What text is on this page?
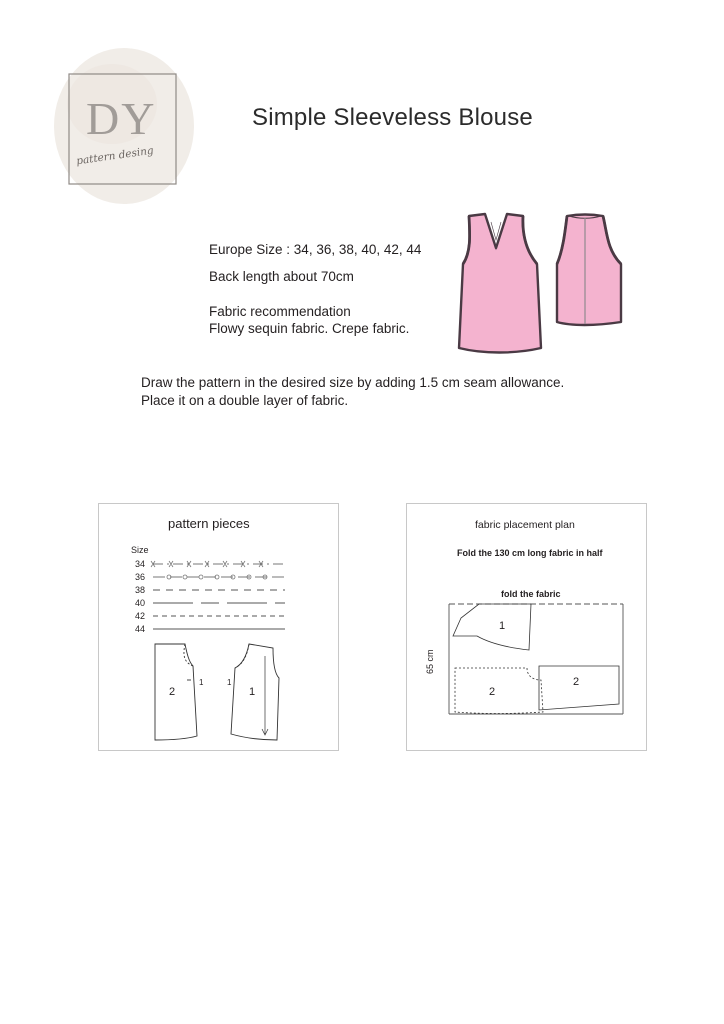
DY
pattern desing
Simple Sleeveless Blouse
Europe Size : 34, 36, 38, 40, 42, 44
Back length about 70cm
Fabric recommendation
Flowy sequin fabric. Crepe fabric.
Draw the pattern in the desired size by adding 1.5 cm seam allowance.
Place it on a double layer of fabric.
pattern pieces
Size
34
36
38
40
42
44
2
1	1
1
fabric placement plan
Fold the 130 cm long fabric in half
fold the fabric
65 cm
1
2
2
